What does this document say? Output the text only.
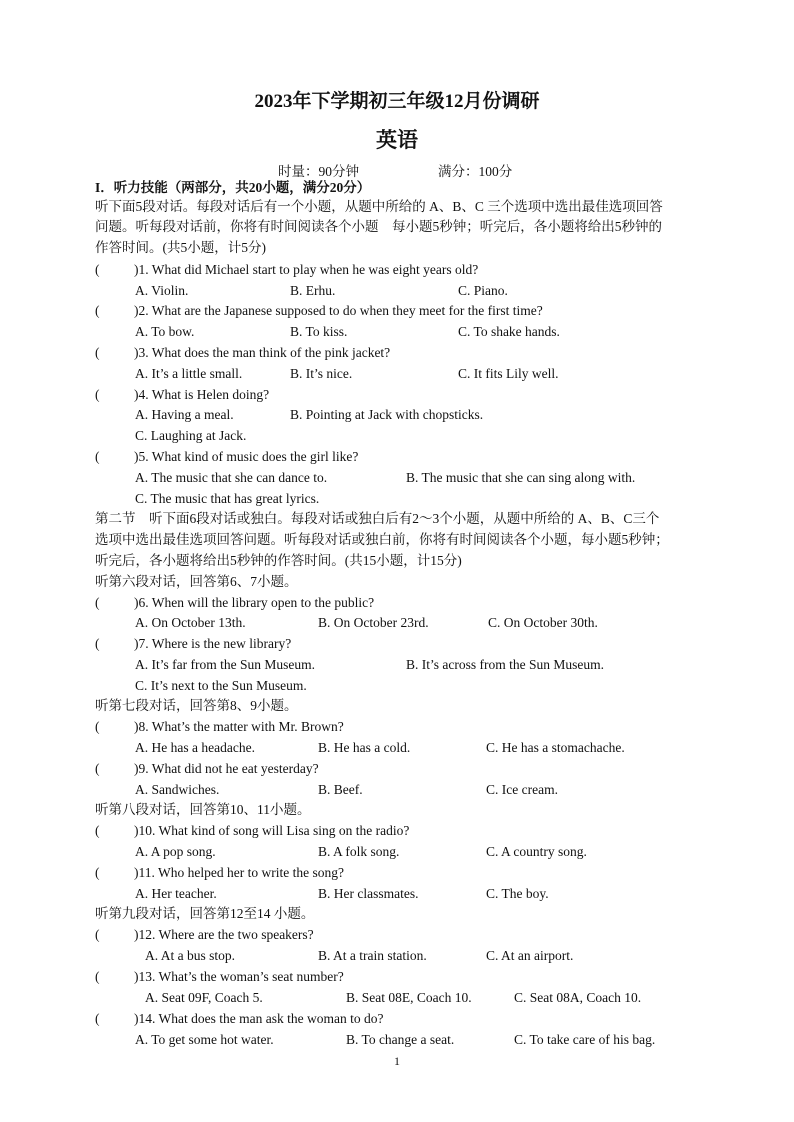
2023年下学期初三年级12月份调研
英语
时量：90分钟	满分：100分
I．听力技能（两部分，共20小题，满分20分）
听下面5段对话。每段对话后有一个小题，从题中所给的 A、B、C 三个选项中选出最佳选项回答
问题。听每段对话前，你将有时间阅读各个小题　每小题5秒钟；听完后，各小题将给出5秒钟的
作答时间。(共5小题，计5分)
(	)1. What did Michael start to play when he was eight years old?
A. Violin.	B. Erhu.	C. Piano.
(	)2. What are the Japanese supposed to do when they meet for the first time?
A. To bow.	B. To kiss.	C. To shake hands.
(	)3. What does the man think of the pink jacket?
A. It’s a little small.	B. It’s nice.	C. It fits Lily well.
(	)4. What is Helen doing?
A. Having a meal.	B. Pointing at Jack with chopsticks.
C. Laughing at Jack.
(	)5. What kind of music does the girl like?
A. The music that she can dance to.	B. The music that she can sing along with.
C. The music that has great lyrics.
第二节　听下面6段对话或独白。每段对话或独白后有2～3个小题，从题中所给的 A、B、C三个
选项中选出最佳选项回答问题。听每段对话或独白前，你将有时间阅读各个小题，每小题5秒钟；
听完后，各小题将给出5秒钟的作答时间。(共15小题，计15分)
听第六段对话，回答第6、7小题。
(	)6. When will the library open to the public?
A. On October 13th.	B. On October 23rd.	C. On October 30th.
(	)7. Where is the new library?
A. It’s far from the Sun Museum.	B. It’s across from the Sun Museum.
C. It’s next to the Sun Museum.
听第七段对话，回答第8、9小题。
(	)8. What’s the matter with Mr. Brown?
A. He has a headache.	B. He has a cold.	C. He has a stomachache.
(	)9. What did not he eat yesterday?
A. Sandwiches.	B. Beef.	C. Ice cream.
听第八段对话，回答第10、11小题。
(	)10. What kind of song will Lisa sing on the radio?
A. A pop song.	B. A folk song.	C. A country song.
(	)11. Who helped her to write the song?
A. Her teacher.	B. Her classmates.	C. The boy.
听第九段对话，回答第12至14 小题。
(	)12. Where are the two speakers?
A. At a bus stop.	B. At a train station.	C. At an airport.
(	)13. What’s the woman’s seat number?
A. Seat 09F, Coach 5.	B. Seat 08E, Coach 10.	C. Seat 08A, Coach 10.
(	)14. What does the man ask the woman to do?
A. To get some hot water.	B. To change a seat.	C. To take care of his bag.
1
